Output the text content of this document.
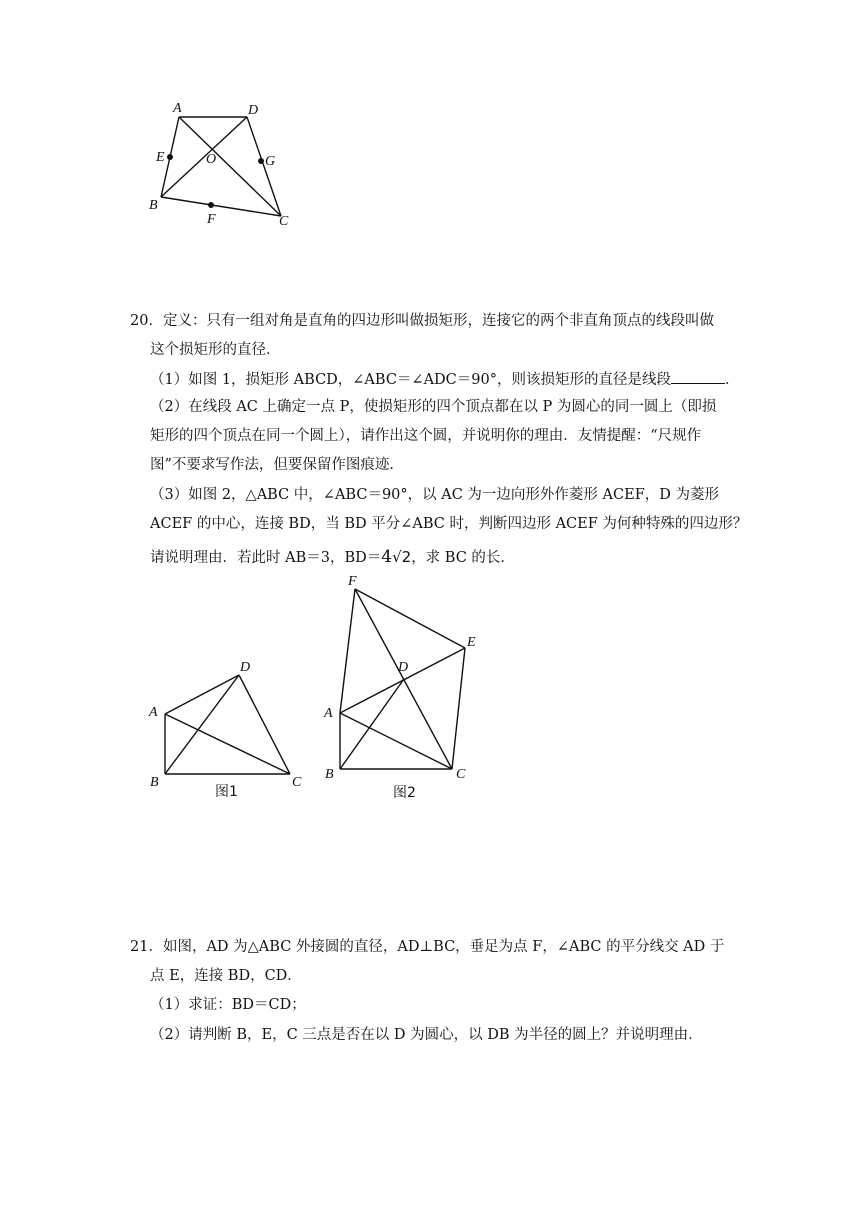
A	D
E	O	G
B
F	C
20．定义：只有一组对角是直角的四边形叫做损矩形，连接它的两个非直角顶点的线段叫做
这个损矩形的直径．
（1）如图 1，损矩形 ABCD，∠ABC＝∠ADC＝90°，则该损矩形的直径是线段	．
（2）在线段 AC 上确定一点 P，使损矩形的四个顶点都在以 P 为圆心的同一圆上（即损
矩形的四个顶点在同一个圆上），请作出这个圆，并说明你的理由．友情提醒：“尺规作
图”不要求写作法，但要保留作图痕迹．
（3）如图 2，△ABC 中，∠ABC＝90°，以 AC 为一边向形外作菱形 ACEF，D 为菱形
ACEF 的中心，连接 BD，当 BD 平分∠ABC 时，判断四边形 ACEF 为何种特殊的四边形？
请说明理由．若此时 AB＝3，BD＝4√2，求 BC 的长．
D
A
B	C
图1
F
E
D
A
B	C
图2
21．如图，AD 为△ABC 外接圆的直径，AD⊥BC，垂足为点 F，∠ABC 的平分线交 AD 于
点 E，连接 BD，CD．
（1）求证：BD＝CD；
（2）请判断 B，E，C 三点是否在以 D 为圆心，以 DB 为半径的圆上？并说明理由．
